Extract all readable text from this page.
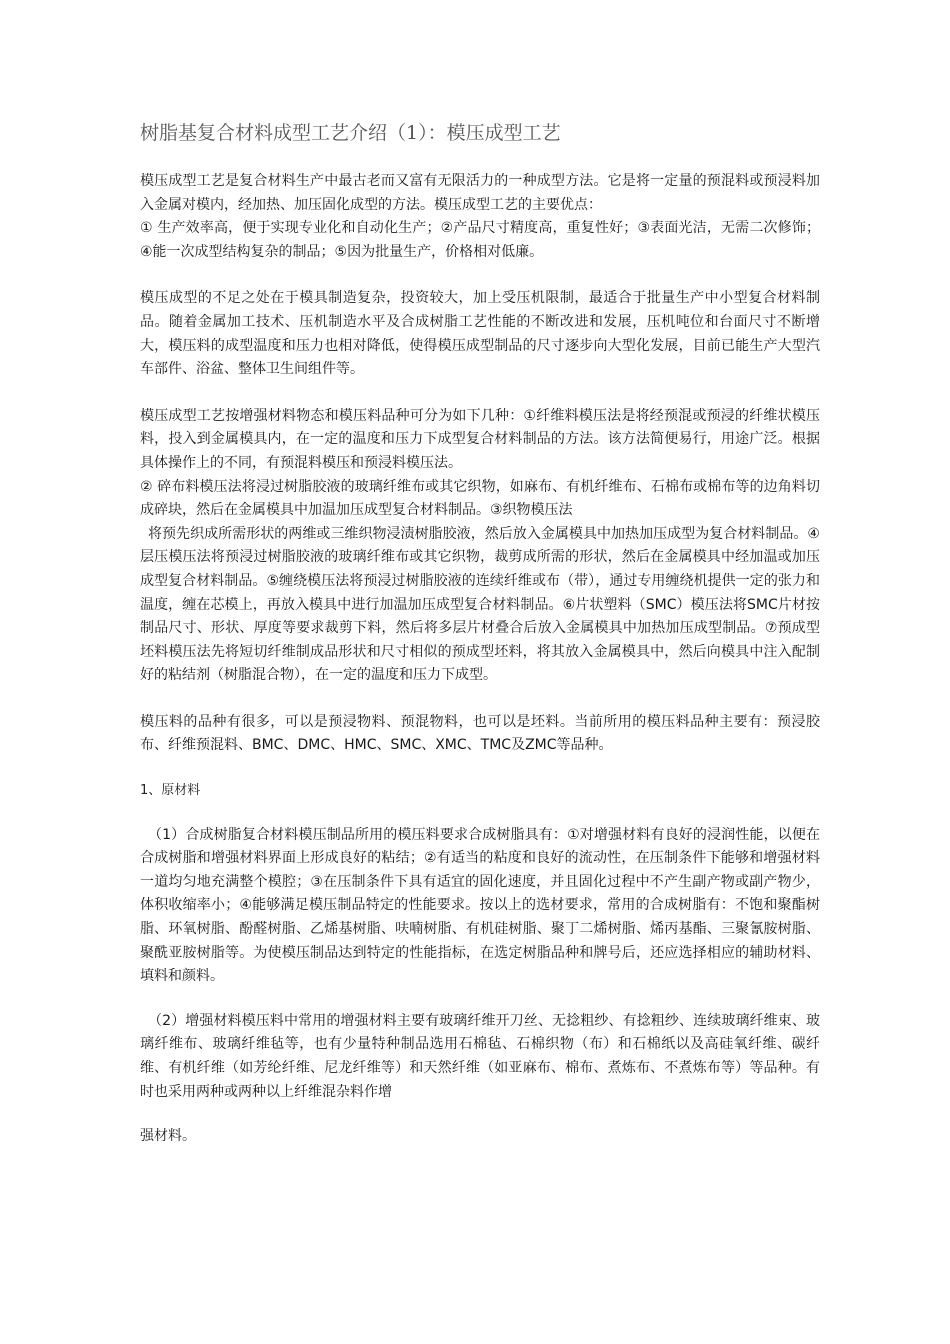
树脂基复合材料成型工艺介绍（1）：模压成型工艺

模压成型工艺是复合材料生产中最古老而又富有无限活力的一种成型方法。它是将一定量的预混料或预浸料加入金属对模内，经加热、加压固化成型的方法。模压成型工艺的主要优点：

① 生产效率高，便于实现专业化和自动化生产；②产品尺寸精度高，重复性好；③表面光洁，无需二次修饰；④能一次成型结构复杂的制品；⑤因为批量生产，价格相对低廉。

模压成型的不足之处在于模具制造复杂，投资较大，加上受压机限制，最适合于批量生产中小型复合材料制品。随着金属加工技术、压机制造水平及合成树脂工艺性能的不断改进和发展，压机吨位和台面尺寸不断增大，模压料的成型温度和压力也相对降低，使得模压成型制品的尺寸逐步向大型化发展，目前已能生产大型汽车部件、浴盆、整体卫生间组件等。

模压成型工艺按增强材料物态和模压料品种可分为如下几种：①纤维料模压法是将经预混或预浸的纤维状模压料，投入到金属模具内，在一定的温度和压力下成型复合材料制品的方法。该方法简便易行，用途广泛。根据具体操作上的不同，有预混料模压和预浸料模压法。

② 碎布料模压法将浸过树脂胶液的玻璃纤维布或其它织物，如麻布、有机纤维布、石棉布或棉布等的边角料切成碎块，然后在金属模具中加温加压成型复合材料制品。③织物模压法

将预先织成所需形状的两维或三维织物浸渍树脂胶液，然后放入金属模具中加热加压成型为复合材料制品。④层压模压法将预浸过树脂胶液的玻璃纤维布或其它织物，裁剪成所需的形状，然后在金属模具中经加温或加压成型复合材料制品。⑤缠绕模压法将预浸过树脂胶液的连续纤维或布（带），通过专用缠绕机提供一定的张力和温度，缠在芯模上，再放入模具中进行加温加压成型复合材料制品。⑥片状塑料（SMC）模压法将SMC片材按制品尺寸、形状、厚度等要求裁剪下料，然后将多层片材叠合后放入金属模具中加热加压成型制品。⑦预成型坯料模压法先将短切纤维制成品形状和尺寸相似的预成型坯料，将其放入金属模具中，然后向模具中注入配制好的粘结剂（树脂混合物），在一定的温度和压力下成型。

模压料的品种有很多，可以是预浸物料、预混物料，也可以是坯料。当前所用的模压料品种主要有：预浸胶布、纤维预混料、BMC、DMC、HMC、SMC、XMC、TMC及ZMC等品种。

1、原材料

（1）合成树脂复合材料模压制品所用的模压料要求合成树脂具有：①对增强材料有良好的浸润性能，以便在合成树脂和增强材料界面上形成良好的粘结；②有适当的粘度和良好的流动性，在压制条件下能够和增强材料一道均匀地充满整个模腔；③在压制条件下具有适宜的固化速度，并且固化过程中不产生副产物或副产物少，体积收缩率小；④能够满足模压制品特定的性能要求。按以上的选材要求，常用的合成树脂有：不饱和聚酯树脂、环氧树脂、酚醛树脂、乙烯基树脂、呋喃树脂、有机硅树脂、聚丁二烯树脂、烯丙基酯、三聚氰胺树脂、聚酰亚胺树脂等。为使模压制品达到特定的性能指标，在选定树脂品种和牌号后，还应选择相应的辅助材料、填料和颜料。

（2）增强材料模压料中常用的增强材料主要有玻璃纤维开刀丝、无捻粗纱、有捻粗纱、连续玻璃纤维束、玻璃纤维布、玻璃纤维毡等，也有少量特种制品选用石棉毡、石棉织物（布）和石棉纸以及高硅氧纤维、碳纤维、有机纤维（如芳纶纤维、尼龙纤维等）和天然纤维（如亚麻布、棉布、煮炼布、不煮炼布等）等品种。有时也采用两种或两种以上纤维混杂料作增

强材料。
